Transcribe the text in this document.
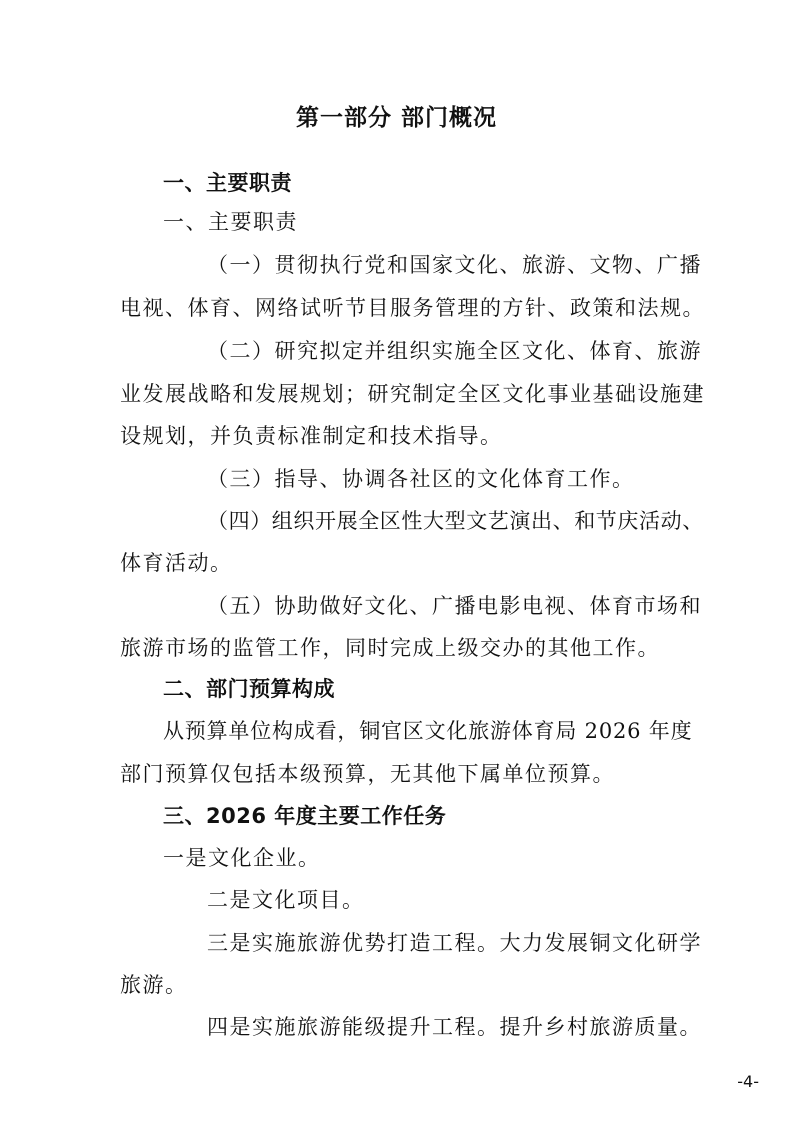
第一部分 部门概况

一、主要职责

一、主要职责

（一）贯彻执行党和国家文化、旅游、文物、广播

电视、体育、网络试听节目服务管理的方针、政策和法规。

（二）研究拟定并组织实施全区文化、体育、旅游

业发展战略和发展规划；研究制定全区文化事业基础设施建

设规划，并负责标准制定和技术指导。

（三）指导、协调各社区的文化体育工作。

（四）组织开展全区性大型文艺演出、和节庆活动、

体育活动。

（五）协助做好文化、广播电影电视、体育市场和

旅游市场的监管工作，同时完成上级交办的其他工作。

二、部门预算构成

从预算单位构成看，铜官区文化旅游体育局 2026 年度

部门预算仅包括本级预算，无其他下属单位预算。

三、2026 年度主要工作任务

一是文化企业。

二是文化项目。

三是实施旅游优势打造工程。大力发展铜文化研学

旅游。

四是实施旅游能级提升工程。提升乡村旅游质量。

-4-
